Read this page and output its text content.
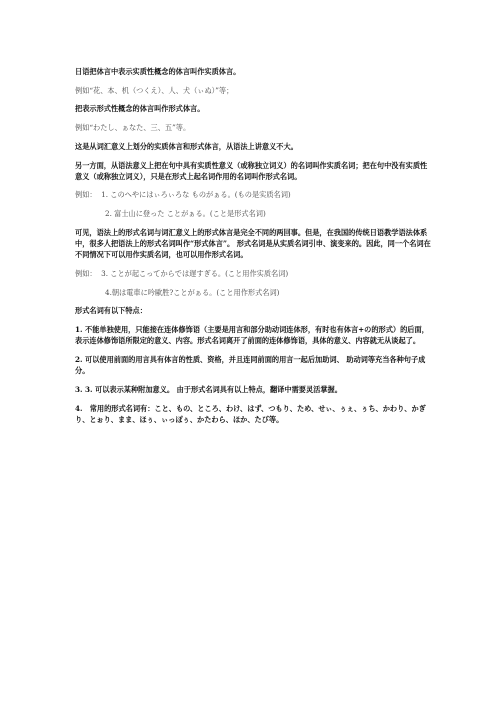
日语把体言中表示实质性概念的体言叫作实质体言。
例如“花、本、机（つくえ）、人、犬（ぃぬ）”等；
把表示形式性概念的体言叫作形式体言。
例如“わたし、ぁなた、三、五”等。
这是从词汇意义上划分的实质体言和形式体言，从语法上讲意义不大。
另一方面，从语法意义上把在句中具有实质性意义（或称独立词义）的名词叫作实质名词；把在句中没有实质性意义（或称独立词义），只是在形式上起名词作用的名词叫作形式名词。
例如： 1. このへやにはぃろぃろな ものがぁる。(もの是实质名词)
2. 富士山に登った ことがぁる。(こと是形式名词)
可见，语法上的形式名词与词汇意义上的形式体言是完全不同的两回事。但是，在我国的传统日语教学语法体系中，很多人把语法上的形式名词叫作“形式体言”。 形式名词是从实质名词引申、演变来的。因此，同一个名词在不同情况下可以用作实质名词，也可以用作形式名词。
例如： 3. ことが起こってからでは遅すぎる。(こと用作实质名词)
4.朝は電車に吟歐胜?ことがぁる。(こと用作形式名词)
形式名词有以下特点：
1. 不能单独使用，只能接在连体修饰语（主要是用言和部分助动词连体形，有时也有体言+の的形式）的后面，表示连体修饰语所限定的意义、内容。形式名词离开了前面的连体修饰语，具体的意义、内容就无从谈起了。
2. 可以使用前面的用言具有体言的性质、资格，并且连同前面的用言一起后加助词、 助动词等充当各种句子成分。
3. 3. 可以表示某种附加意义。 由于形式名词具有以上特点，翻译中需要灵活掌握。
4.　常用的形式名词有：こと、もの、ところ、わけ、はず、つもり、ため、せぃ、ぅぇ、ぅち、かわり、かぎり、とぉり、まま、ほぅ、ぃっぽぅ、かたわら、ほか、たび等。
